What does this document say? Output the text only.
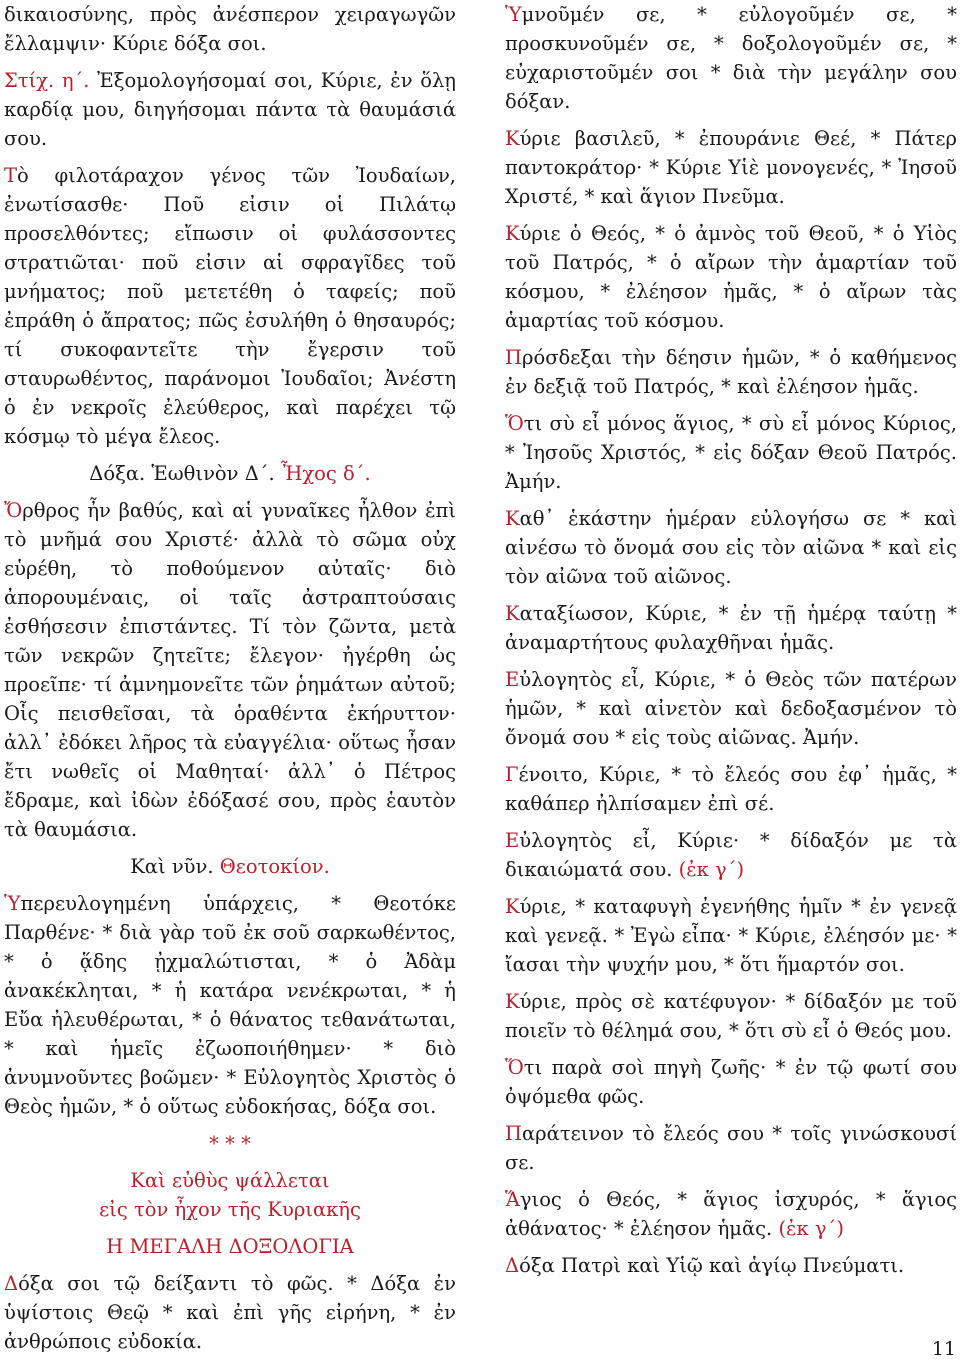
δικαιοσύνης, πρὸς ἀνέσπερον χειραγωγῶν ἔλλαμψιν· Κύριε δόξα σοι.

Στίχ. η΄. Ἐξομολογήσομαί σοι, Κύριε, ἐν ὅλῃ καρδίᾳ μου, διηγήσομαι πάντα τὰ θαυμάσιά σου.

Τὸ φιλοτάραχον γένος τῶν Ἰουδαίων, ἐνωτίσασθε· Ποῦ εἰσιν οἱ Πιλάτῳ προσελθόντες; εἴπωσιν οἱ φυλάσσοντες στρατιῶται· ποῦ εἰσιν αἱ σφραγῖδες τοῦ μνήματος; ποῦ μετετέθη ὁ ταφείς; ποῦ ἐπράθη ὁ ἄπρατος; πῶς ἐσυλήθη ὁ θησαυρός; τί συκοφαντεῖτε τὴν ἔγερσιν τοῦ σταυρωθέντος, παράνομοι Ἰουδαῖοι; Ἀνέστη ὁ ἐν νεκροῖς ἐλεύθερος, καὶ παρέχει τῷ κόσμῳ τὸ μέγα ἔλεος.

Δόξα. Ἑωθινὸν Δ΄. Ἦχος δ΄.

Ὄρθρος ἦν βαθύς, καὶ αἱ γυναῖκες ἦλθον ἐπὶ τὸ μνῆμά σου Χριστέ· ἀλλὰ τὸ σῶμα οὐχ εὑρέθη, τὸ ποθούμενον αὐταῖς· διὸ ἀπορουμέναις, οἱ ταῖς ἀστραπτούσαις ἐσθήσεσιν ἐπιστάντες. Τί τὸν ζῶντα, μετὰ τῶν νεκρῶν ζητεῖτε; ἔλεγον· ἠγέρθη ὡς προεῖπε· τί ἀμνημονεῖτε τῶν ῥημάτων αὐτοῦ; Οἷς πεισθεῖσαι, τὰ ὁραθέντα ἐκήρυττον· ἀλλ᾽ ἐδόκει λῆρος τὰ εὐαγγέλια· οὕτως ἦσαν ἔτι νωθεῖς οἱ Μαθηταί· ἀλλ᾽ ὁ Πέτρος ἔδραμε, καὶ ἰδὼν ἐδόξασέ σου, πρὸς ἑαυτὸν τὰ θαυμάσια.

Καὶ νῦν. Θεοτοκίον.

Ὑπερευλογημένη ὑπάρχεις, * Θεοτόκε Παρθένε· * διὰ γὰρ τοῦ ἐκ σοῦ σαρκωθέντος, * ὁ ᾅδης ᾐχμαλώτισται, * ὁ Ἀδὰμ ἀνακέκληται, * ἡ κατάρα νενέκρωται, * ἡ Εὔα ἠλευθέρωται, * ὁ θάνατος τεθανάτωται, * καὶ ἡμεῖς ἐζωοποιήθημεν· * διὸ ἀνυμνοῦντες βοῶμεν· * Εὐλογητὸς Χριστὸς ὁ Θεὸς ἡμῶν, * ὁ οὕτως εὐδοκήσας, δόξα σοι.

* * *

Καὶ εὐθὺς ψάλλεται

εἰς τὸν ἦχον τῆς Κυριακῆς

Η ΜΕΓΑΛΗ ΔΟΞΟΛΟΓΙΑ

Δόξα σοι τῷ δείξαντι τὸ φῶς. * Δόξα ἐν ὑψίστοις Θεῷ * καὶ ἐπὶ γῆς εἰρήνη, * ἐν ἀνθρώποις εὐδοκία.

Ὑμνοῦμέν σε, * εὐλογοῦμέν σε, * προσκυνοῦμέν σε, * δοξολογοῦμέν σε, * εὐχαριστοῦμέν σοι * διὰ τὴν μεγάλην σου δόξαν.

Κύριε βασιλεῦ, * ἐπουράνιε Θεέ, * Πάτερ παντοκράτορ· * Κύριε Υἱὲ μονογενές, * Ἰησοῦ Χριστέ, * καὶ ἅγιον Πνεῦμα.

Κύριε ὁ Θεός, * ὁ ἀμνὸς τοῦ Θεοῦ, * ὁ Υἱὸς τοῦ Πατρός, * ὁ αἴρων τὴν ἁμαρτίαν τοῦ κόσμου, * ἐλέησον ἡμᾶς, * ὁ αἴρων τὰς ἁμαρτίας τοῦ κόσμου.

Πρόσδεξαι τὴν δέησιν ἡμῶν, * ὁ καθήμενος ἐν δεξιᾷ τοῦ Πατρός, * καὶ ἐλέησον ἡμᾶς.

Ὅτι σὺ εἶ μόνος ἅγιος, * σὺ εἶ μόνος Κύριος, * Ἰησοῦς Χριστός, * εἰς δόξαν Θεοῦ Πατρός. Ἀμήν.

Καθ᾽ ἑκάστην ἡμέραν εὐλογήσω σε * καὶ αἰνέσω τὸ ὄνομά σου εἰς τὸν αἰῶνα * καὶ εἰς τὸν αἰῶνα τοῦ αἰῶνος.

Καταξίωσον, Κύριε, * ἐν τῇ ἡμέρᾳ ταύτῃ * ἀναμαρτήτους φυλαχθῆναι ἡμᾶς.

Εὐλογητὸς εἶ, Κύριε, * ὁ Θεὸς τῶν πατέρων ἡμῶν, * καὶ αἰνετὸν καὶ δεδοξασμένον τὸ ὄνομά σου * εἰς τοὺς αἰῶνας. Ἀμήν.

Γένοιτο, Κύριε, * τὸ ἔλεός σου ἐφ᾽ ἡμᾶς, * καθάπερ ἠλπίσαμεν ἐπὶ σέ.

Εὐλογητὸς εἶ, Κύριε· * δίδαξόν με τὰ δικαιώματά σου. (ἐκ γ΄)

Κύριε, * καταφυγὴ ἐγενήθης ἡμῖν * ἐν γενεᾷ καὶ γενεᾷ. * Ἐγὼ εἶπα· * Κύριε, ἐλέησόν με· * ἴασαι τὴν ψυχήν μου, * ὅτι ἥμαρτόν σοι.

Κύριε, πρὸς σὲ κατέφυγον· * δίδαξόν με τοῦ ποιεῖν τὸ θέλημά σου, * ὅτι σὺ εἶ ὁ Θεός μου.

Ὅτι παρὰ σοὶ πηγὴ ζωῆς· * ἐν τῷ φωτί σου ὀψόμεθα φῶς.

Παράτεινον τὸ ἔλεός σου * τοῖς γινώσκουσί σε.

Ἅγιος ὁ Θεός, * ἅγιος ἰσχυρός, * ἅγιος ἀθάνατος· * ἐλέησον ἡμᾶς. (ἐκ γ΄)

Δόξα Πατρὶ καὶ Υἱῷ καὶ ἁγίῳ Πνεύματι.

11
